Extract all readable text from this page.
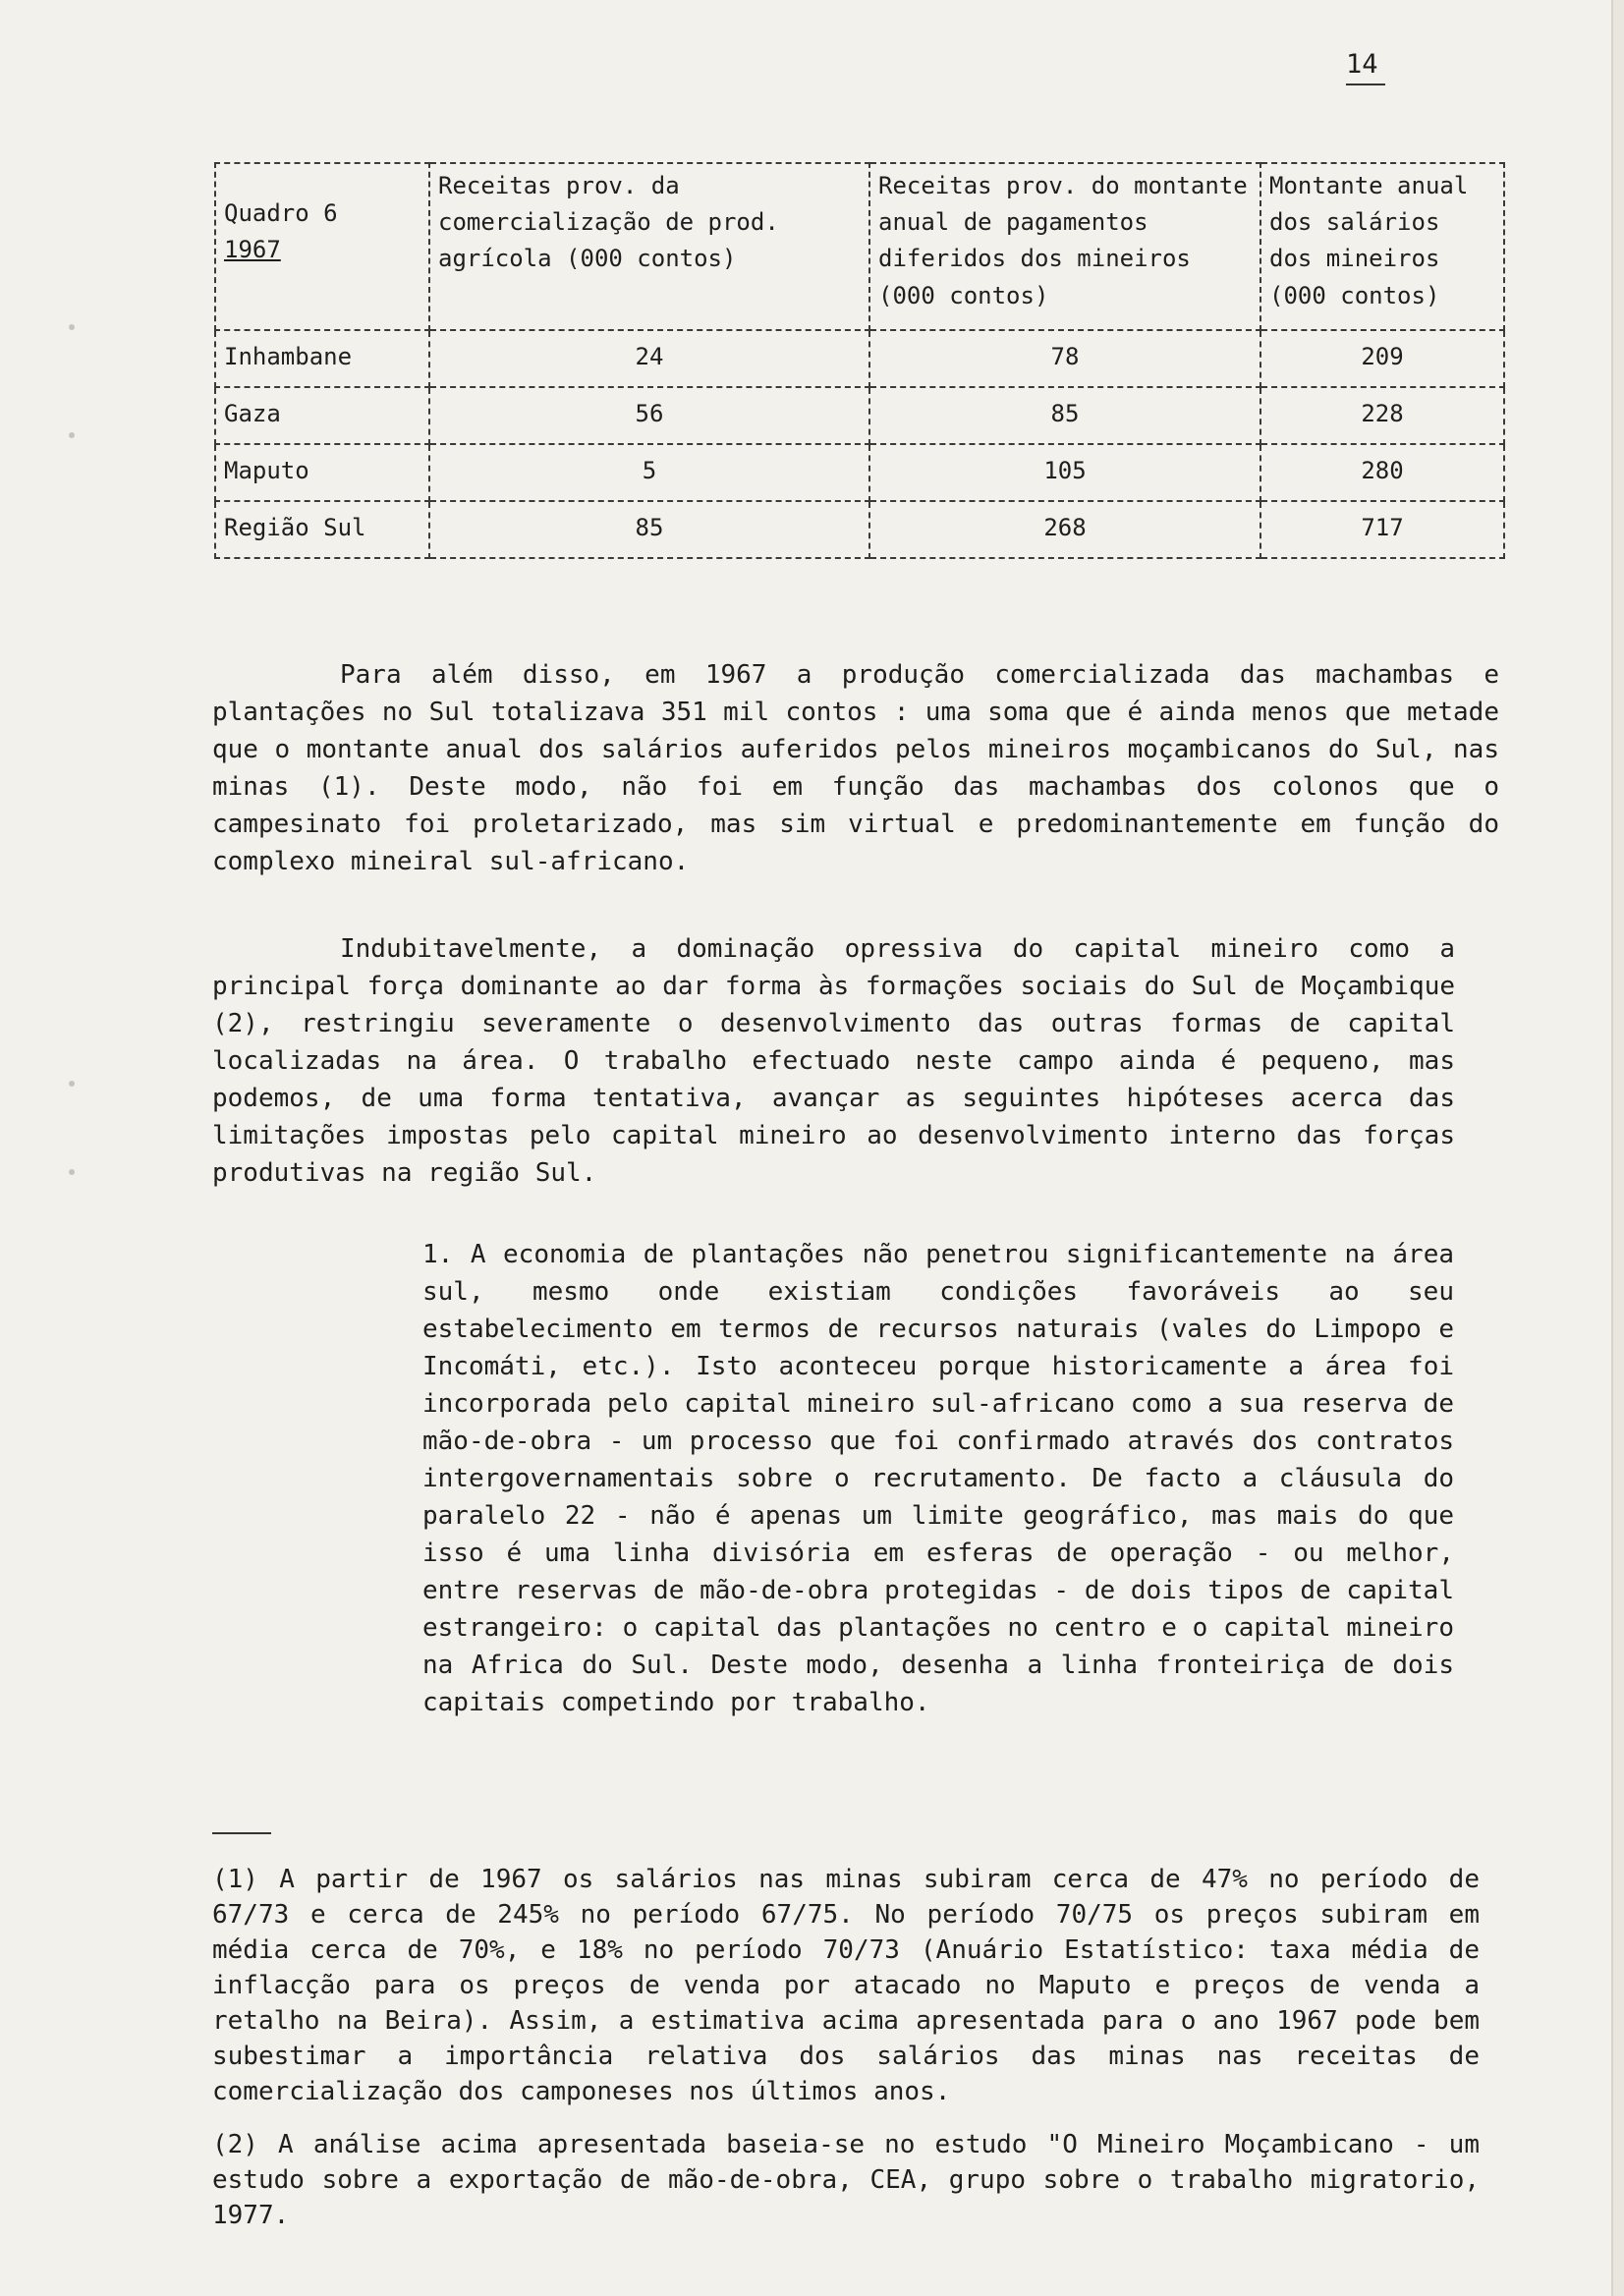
14
Quadro 6
1967	Receitas prov. da comercialização de prod. agrícola (000 contos)	Receitas prov. do montante anual de pagamentos diferidos dos mineiros (000 contos)	Montante anual dos salários dos mineiros (000 contos)
Inhambane	24	78	209
Gaza	56	85	228
Maputo	5	105	280
Região Sul	85	268	717

Para além disso, em 1967 a produção comercializada das machambas e plantações no Sul totalizava 351 mil contos : uma soma que é ainda menos que metade que o montante anual dos salários auferidos pelos mineiros moçambicanos do Sul, nas minas (1). Deste modo, não foi em função das machambas dos colonos que o campesinato foi proletarizado, mas sim virtual e predominantemente em função do complexo mineiral sul-africano.

Indubitavelmente, a dominação opressiva do capital mineiro como a principal força dominante ao dar forma às formações sociais do Sul de Moçambique (2), restringiu severamente o desenvolvimento das outras formas de capital localizadas na área. O trabalho efectuado neste campo ainda é pequeno, mas podemos, de uma forma tentativa, avançar as seguintes hipóteses acerca das limitações impostas pelo capital mineiro ao desenvolvimento interno das forças produtivas na região Sul.

1. A economia de plantações não penetrou significantemente na área sul, mesmo onde existiam condições favoráveis ao seu estabelecimento em termos de recursos naturais (vales do Limpopo e Incomáti, etc.). Isto aconteceu porque historicamente a área foi incorporada pelo capital mineiro sul-africano como a sua reserva de mão-de-obra - um processo que foi confirmado através dos contratos intergovernamentais sobre o recrutamento. De facto a cláusula do paralelo 22 - não é apenas um limite geográfico, mas mais do que isso é uma linha divisória em esferas de operação - ou melhor, entre reservas de mão-de-obra protegidas - de dois tipos de capital estrangeiro: o capital das plantações no centro e o capital mineiro na Africa do Sul. Deste modo, desenha a linha fronteiriça de dois capitais competindo por trabalho.

(1) A partir de 1967 os salários nas minas subiram cerca de 47% no período de 67/73 e cerca de 245% no período 67/75. No período 70/75 os preços subiram em média cerca de 70%, e 18% no período 70/73 (Anuário Estatístico: taxa média de inflacção para os preços de venda por atacado no Maputo e preços de venda a retalho na Beira). Assim, a estimativa acima apresentada para o ano 1967 pode bem subestimar a importância relativa dos salários das minas nas receitas de comercialização dos camponeses nos últimos anos.

(2) A análise acima apresentada baseia-se no estudo "O Mineiro Moçambicano - um estudo sobre a exportação de mão-de-obra, CEA, grupo sobre o trabalho migratorio, 1977.
